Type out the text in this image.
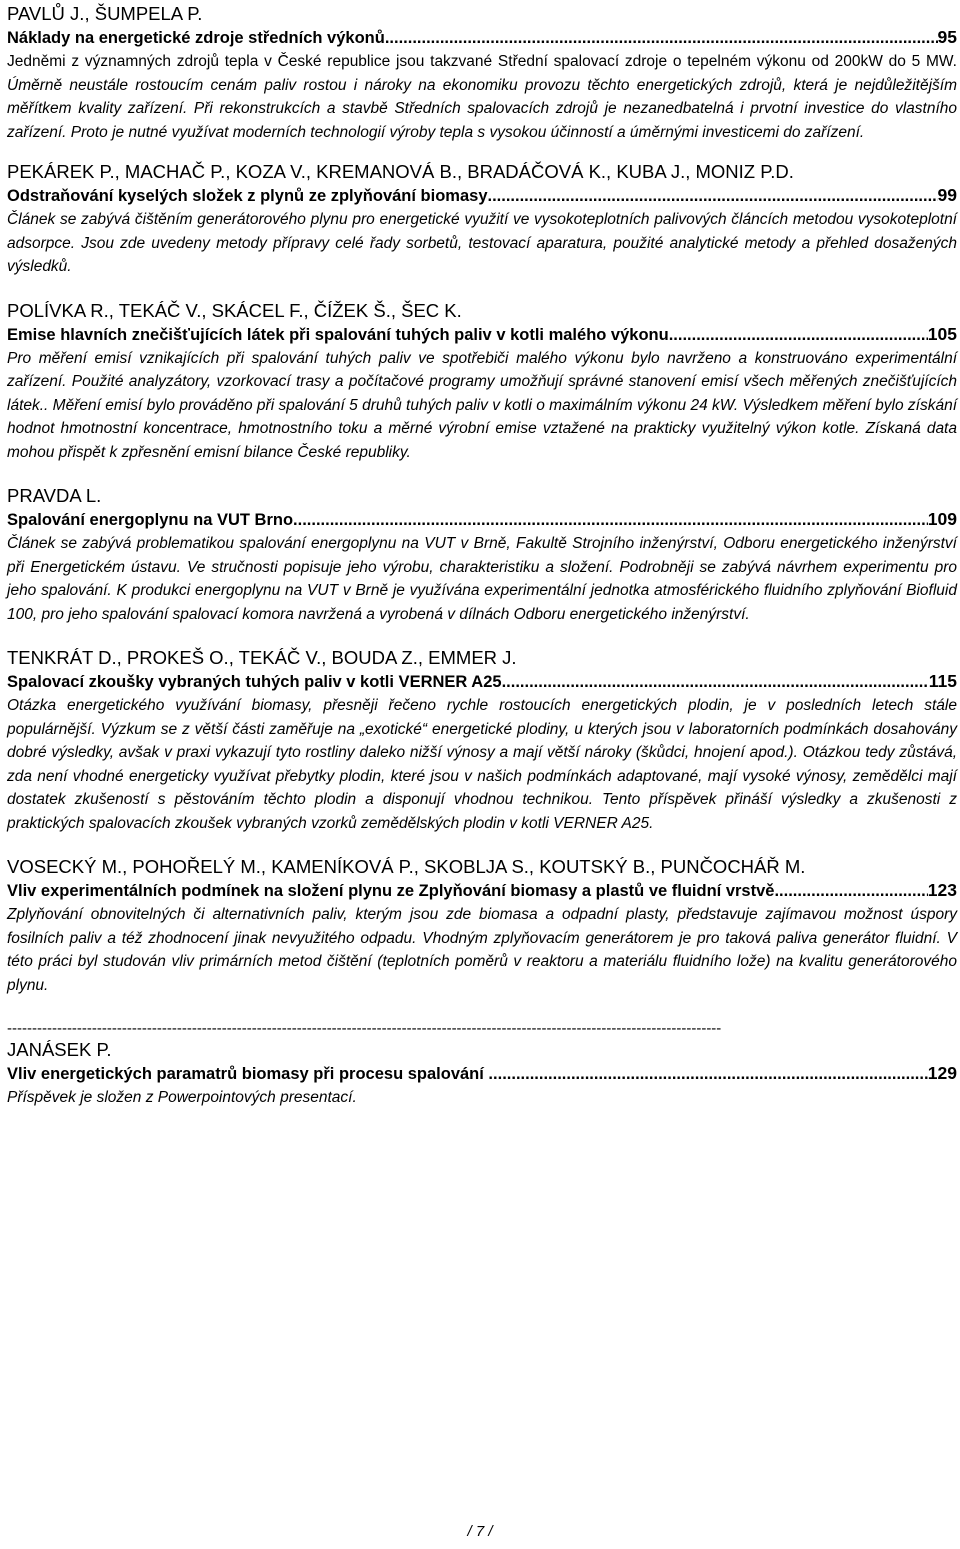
PAVLŮ J., ŠUMPELA P.

Náklady na energetické zdroje středních výkonů .....	95

Jedněmi z významných zdrojů tepla v České republice jsou takzvané Střední spalovací zdroje o tepelném výkonu od 200kW do 5 MW. Úměrně neustále rostoucím cenám paliv rostou i nároky na ekonomiku provozu těchto energetických zdrojů, která je nejdůležitějším měřítkem kvality zařízení. Při rekonstrukcích a stavbě Středních spalovacích zdrojů je nezanedbatelná i prvotní investice do vlastního zařízení. Proto je nutné využívat moderních technologií výroby tepla s vysokou účinností a úměrnými investicemi do zařízení.

PEKÁREK P., MACHAČ P., KOZA V., KREMANOVÁ B., BRADÁČOVÁ K., KUBA J., MONIZ P.D.

Odstraňování kyselých složek z plynů ze zplyňování biomasy .....	99

Článek se zabývá čištěním generátorového plynu pro energetické využití ve vysokoteplotních palivových článcích metodou vysokoteplotní adsorpce. Jsou zde uvedeny metody přípravy celé řady sorbetů, testovací aparatura, použité analytické metody a přehled dosažených výsledků.

POLÍVKA R., TEKÁČ V., SKÁCEL F., ČÍŽEK Š., ŠEC K.

Emise hlavních znečišťujících látek při spalování tuhých paliv v kotli malého výkonu .....	105

Pro měření emisí vznikajících při spalování tuhých paliv ve spotřebiči malého výkonu bylo navrženo a konstruováno experimentální zařízení. Použité analyzátory, vzorkovací trasy a počítačové programy umožňují správné stanovení emisí všech měřených znečišťujících látek.. Měření emisí bylo prováděno při spalování 5 druhů tuhých paliv v kotli o maximálním výkonu 24 kW. Výsledkem měření bylo získání hodnot hmotnostní koncentrace, hmotnostního toku a měrné výrobní emise vztažené na prakticky využitelný výkon kotle. Získaná data mohou přispět k zpřesnění emisní bilance České republiky.

PRAVDA L.

Spalování energoplynu na VUT Brno .....	109

Článek se zabývá problematikou spalování energoplynu na VUT v Brně, Fakultě Strojního inženýrství, Odboru energetického inženýrství při Energetickém ústavu. Ve stručnosti popisuje jeho výrobu, charakteristiku a složení. Podrobněji se zabývá návrhem experimentu pro jeho spalování. K produkci energoplynu na VUT v Brně je využívána experimentální jednotka atmosférického fluidního zplyňování Biofluid 100, pro jeho spalování spalovací komora navržená a vyrobená v dílnách Odboru energetického inženýrství.

TENKRÁT D., PROKEŠ O., TEKÁČ V., BOUDA Z., EMMER J.

Spalovací zkoušky vybraných tuhých paliv v kotli VERNER A25 .....	115

Otázka energetického využívání biomasy, přesněji řečeno rychle rostoucích energetických plodin, je v posledních letech stále populárnější. Výzkum se z větší části zaměřuje na „exotické“ energetické plodiny, u kterých jsou v laboratorních podmínkách dosahovány dobré výsledky, avšak v praxi vykazují tyto rostliny daleko nižší výnosy a mají větší nároky (škůdci, hnojení apod.). Otázkou tedy zůstává, zda není vhodné energeticky využívat přebytky plodin, které jsou v našich podmínkách adaptované, mají vysoké výnosy, zemědělci mají dostatek zkušeností s pěstováním těchto plodin a disponují vhodnou technikou. Tento příspěvek přináší výsledky a zkušenosti z praktických spalovacích zkoušek vybraných vzorků zemědělských plodin v kotli VERNER A25.

VOSECKÝ M., POHOŘELÝ M., KAMENÍKOVÁ P., SKOBLJA S., KOUTSKÝ B., PUNČOCHÁŘ M.

Vliv experimentálních podmínek na složení plynu ze Zplyňování biomasy a plastů ve fluidní vrstvě .....	123

Zplyňování obnovitelných či alternativních paliv, kterým jsou zde biomasa a odpadní plasty, představuje zajímavou možnost úspory fosilních paliv a též zhodnocení jinak nevyužitého odpadu. Vhodným zplyňovacím generátorem je pro taková paliva generátor fluidní. V této práci byl studován vliv primárních metod čištění (teplotních poměrů v reaktoru a materiálu fluidního lože) na kvalitu generátorového plynu.

-----------------------------------------------------------------------------------------------------------------------------------------------

JANÁSEK P.

Vliv energetických paramatrů biomasy při procesu spalování . .....	129

Příspěvek je složen z Powerpointových presentací.

/ 7 /
